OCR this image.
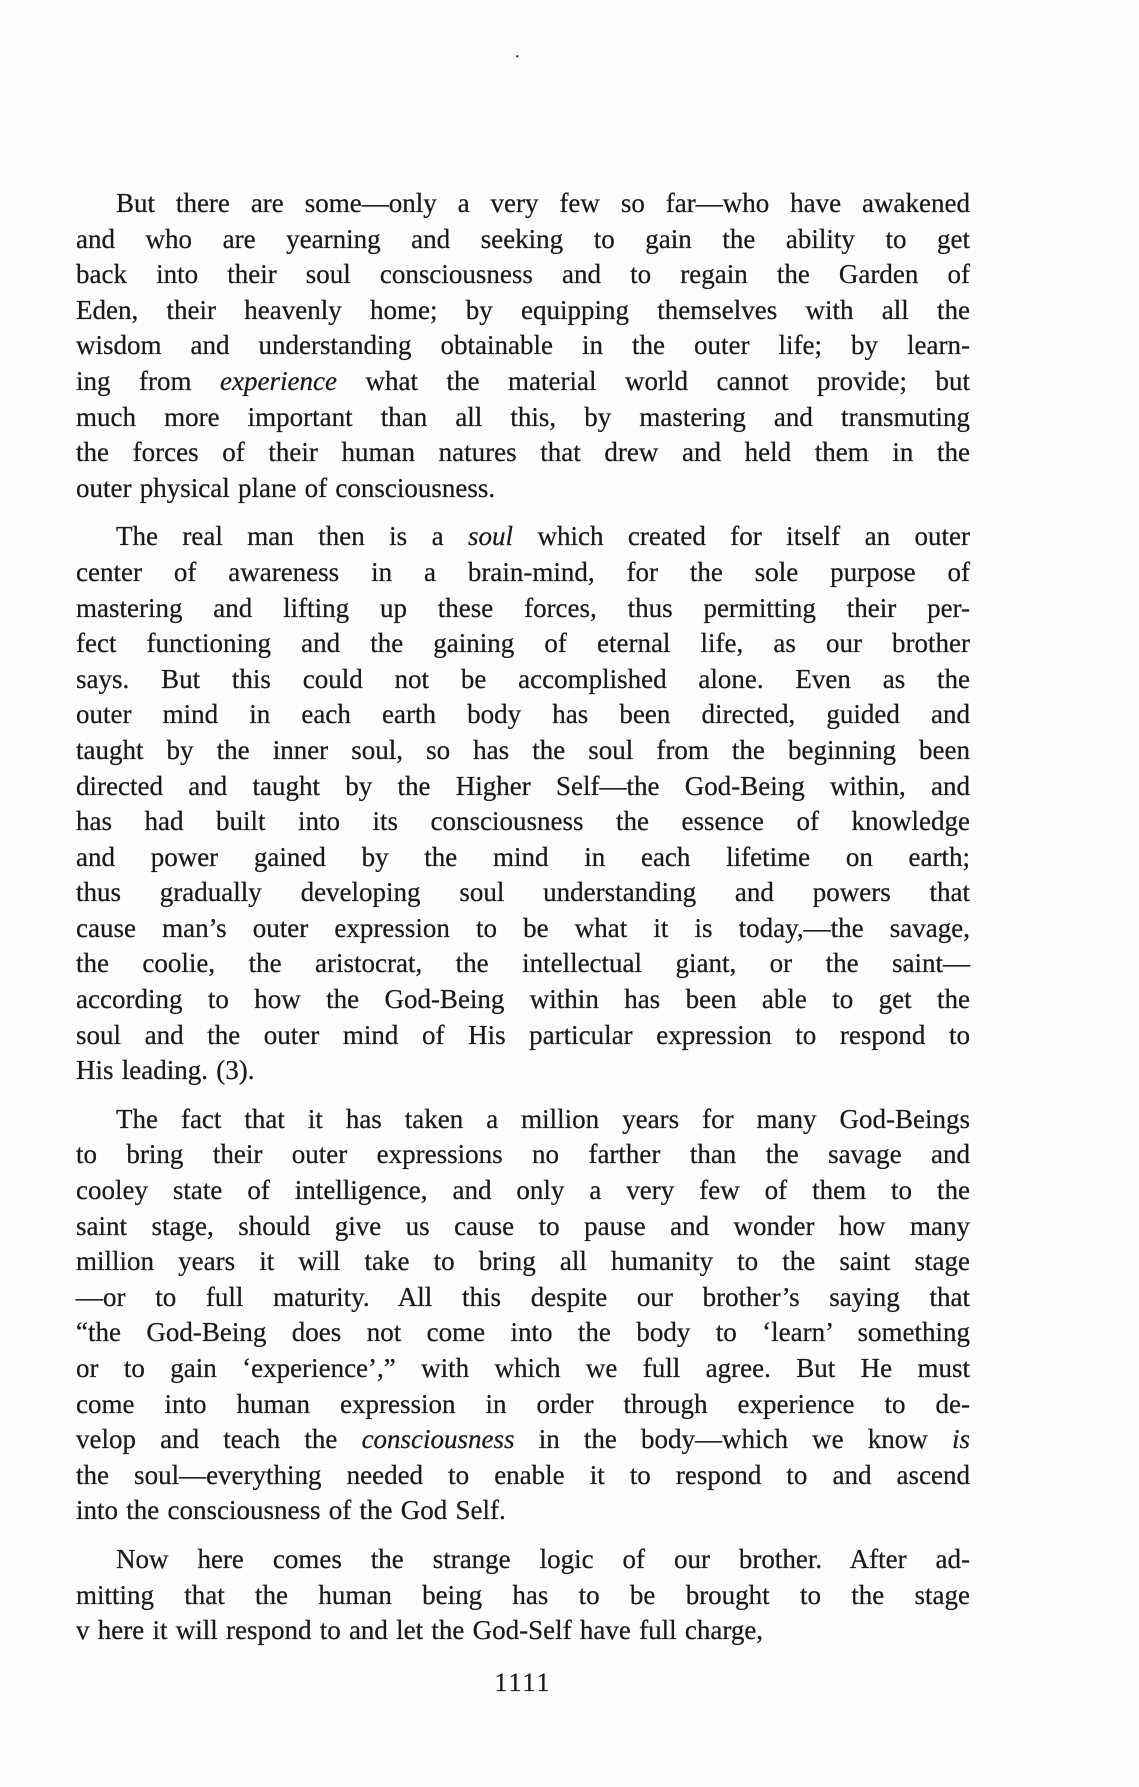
·
But there are some—only a very few so far—who have awakened
and who are yearning and seeking to gain the ability to get
back into their soul consciousness and to regain the Garden of
Eden, their heavenly home; by equipping themselves with all the
wisdom and understanding obtainable in the outer life; by learn-
ing from experience what the material world cannot provide; but
much more important than all this, by mastering and transmuting
the forces of their human natures that drew and held them in the
outer physical plane of consciousness.
The real man then is a soul which created for itself an outer
center of awareness in a brain-mind, for the sole purpose of
mastering and lifting up these forces, thus permitting their per-
fect functioning and the gaining of eternal life, as our brother
says. But this could not be accomplished alone. Even as the
outer mind in each earth body has been directed, guided and
taught by the inner soul, so has the soul from the beginning been
directed and taught by the Higher Self—the God-Being within, and
has had built into its consciousness the essence of knowledge
and power gained by the mind in each lifetime on earth;
thus gradually developing soul understanding and powers that
cause man’s outer expression to be what it is today,—the savage,
the coolie, the aristocrat, the intellectual giant, or the saint—
according to how the God-Being within has been able to get the
soul and the outer mind of His particular expression to respond to
His leading. (3).
The fact that it has taken a million years for many God-Beings
to bring their outer expressions no farther than the savage and
cooley state of intelligence, and only a very few of them to the
saint stage, should give us cause to pause and wonder how many
million years it will take to bring all humanity to the saint stage
—or to full maturity. All this despite our brother’s saying that
“the God-Being does not come into the body to ‘learn’ something
or to gain ‘experience’,” with which we full agree. But He must
come into human expression in order through experience to de-
velop and teach the consciousness in the body—which we know is
the soul—everything needed to enable it to respond to and ascend
into the consciousness of the God Self.
Now here comes the strange logic of our brother. After ad-
mitting that the human being has to be brought to the stage
v here it will respond to and let the God-Self have full charge,
1111
